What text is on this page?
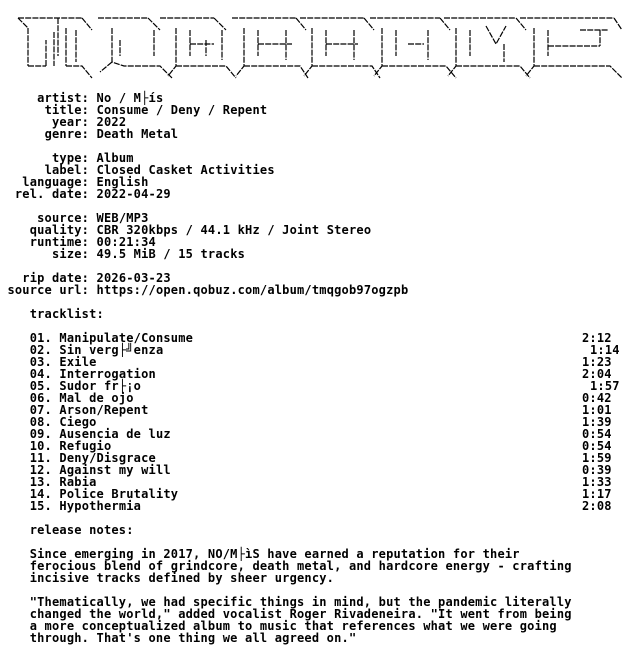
artist: No / M├ís
title: Consume / Deny / Repent
year: 2022
genre: Death Metal
type: Album
label: Closed Casket Activities
language: English
rel. date: 2022-04-29
source: WEB/MP3
quality: CBR 320kbps / 44.1 kHz / Joint Stereo
runtime: 00:21:34
size: 49.5 MiB / 15 tracks
rip date: 2026-03-23
source url: https://open.qobuz.com/album/tmqgob97ogzpb
tracklist:
01. Manipulate/Consume	2:12
02. Sin verg├╝enza	1:14
03. Exile	1:23
04. Interrogation	2:04
05. Sudor fr├¡o	1:57
06. Mal de ojo	0:42
07. Arson/Repent	1:01
08. Ciego	1:39
09. Ausencia de luz	0:54
10. Refugio	0:54
11. Deny/Disgrace	1:59
12. Against my will	0:39
13. Rabia	1:33
14. Police Brutality	1:17
15. Hypothermia	2:08
release notes:
Since emerging in 2017, NO/M├ìS have earned a reputation for their
ferocious blend of grindcore, death metal, and hardcore energy - crafting
incisive tracks defined by sheer urgency.
"Thematically, we had specific things in mind, but the pandemic literally
changed the world," added vocalist Roger Rivadeneira. "It went from being
a more conceptualized album to music that references what we were going
through. That's one thing we all agreed on."
